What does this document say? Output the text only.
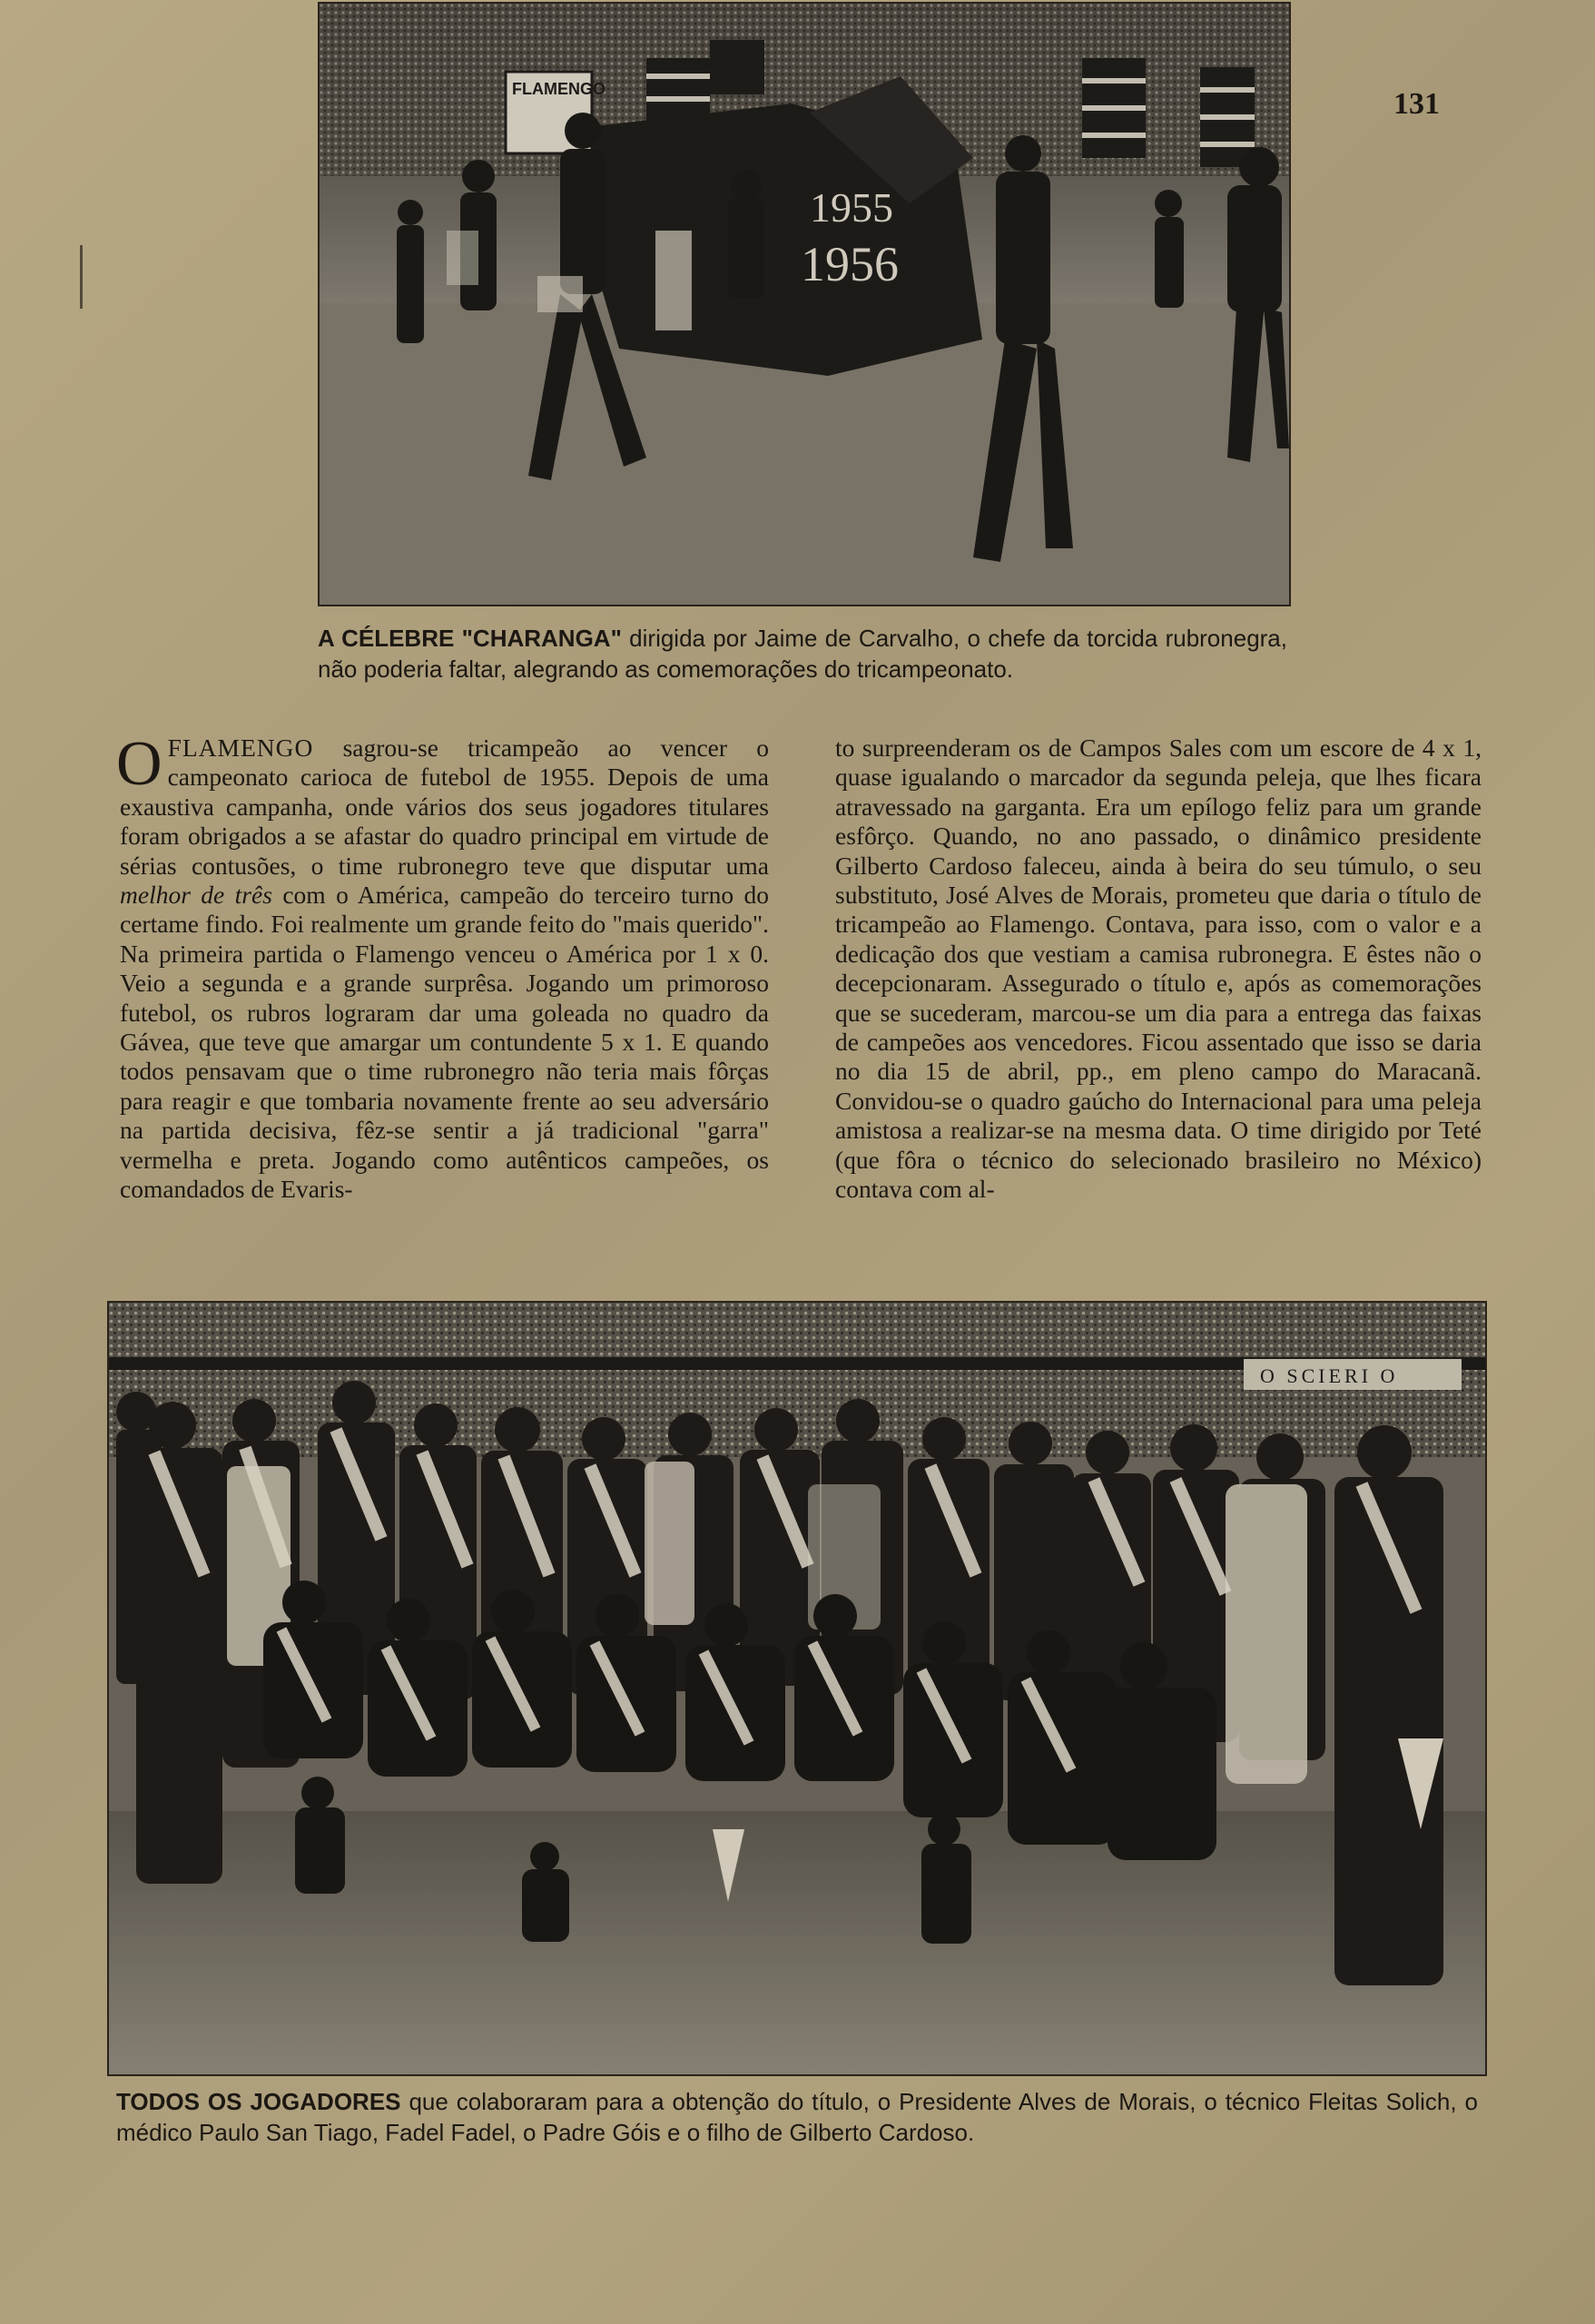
131
1955
1956
FLAMENGO
A CÉLEBRE "CHARANGA" dirigida por Jaime de Carvalho, o chefe da torcida rubronegra, não poderia faltar, alegrando as comemorações do tricampeonato.
OFLAMENGO sagrou-se tricampeão ao vencer o campeonato carioca de futebol de 1955. Depois de uma exaustiva campanha, onde vários dos seus jogadores titulares foram obrigados a se afastar do quadro principal em virtude de sérias contusões, o time rubronegro teve que disputar uma melhor de três com o América, campeão do terceiro turno do certame findo. Foi realmente um grande feito do "mais querido". Na primeira partida o Flamengo venceu o América por 1 x 0. Veio a segunda e a grande surprêsa. Jogando um primoroso futebol, os rubros lograram dar uma goleada no quadro da Gávea, que teve que amargar um contundente 5 x 1. E quando todos pensavam que o time rubronegro não teria mais fôrças para reagir e que tombaria novamente frente ao seu adversário na partida decisiva, fêz-se sentir a já tradicional "garra" vermelha e preta. Jogando como autênticos campeões, os comandados de Evaris-
to surpreenderam os de Campos Sales com um escore de 4 x 1, quase igualando o marcador da segunda peleja, que lhes ficara atravessado na garganta. Era um epílogo feliz para um grande esfôrço. Quando, no ano passado, o dinâmico presidente Gilberto Cardoso faleceu, ainda à beira do seu túmulo, o seu substituto, José Alves de Morais, prometeu que daria o título de tricampeão ao Flamengo. Contava, para isso, com o valor e a dedicação dos que vestiam a camisa rubronegra. E êstes não o decepcionaram. Assegurado o título e, após as comemorações que se sucederam, marcou-se um dia para a entrega das faixas de campeões aos vencedores. Ficou assentado que isso se daria no dia 15 de abril, pp., em pleno campo do Maracanã. Convidou-se o quadro gaúcho do Internacional para uma peleja amistosa a realizar-se na mesma data. O time dirigido por Teté (que fôra o técnico do selecionado brasileiro no México) contava com al-
O SCIERI O
TODOS OS JOGADORES que colaboraram para a obtenção do título, o Presidente Alves de Morais, o técnico Fleitas Solich, o médico Paulo San Tiago, Fadel Fadel, o Padre Góis e o filho de Gilberto Cardoso.
